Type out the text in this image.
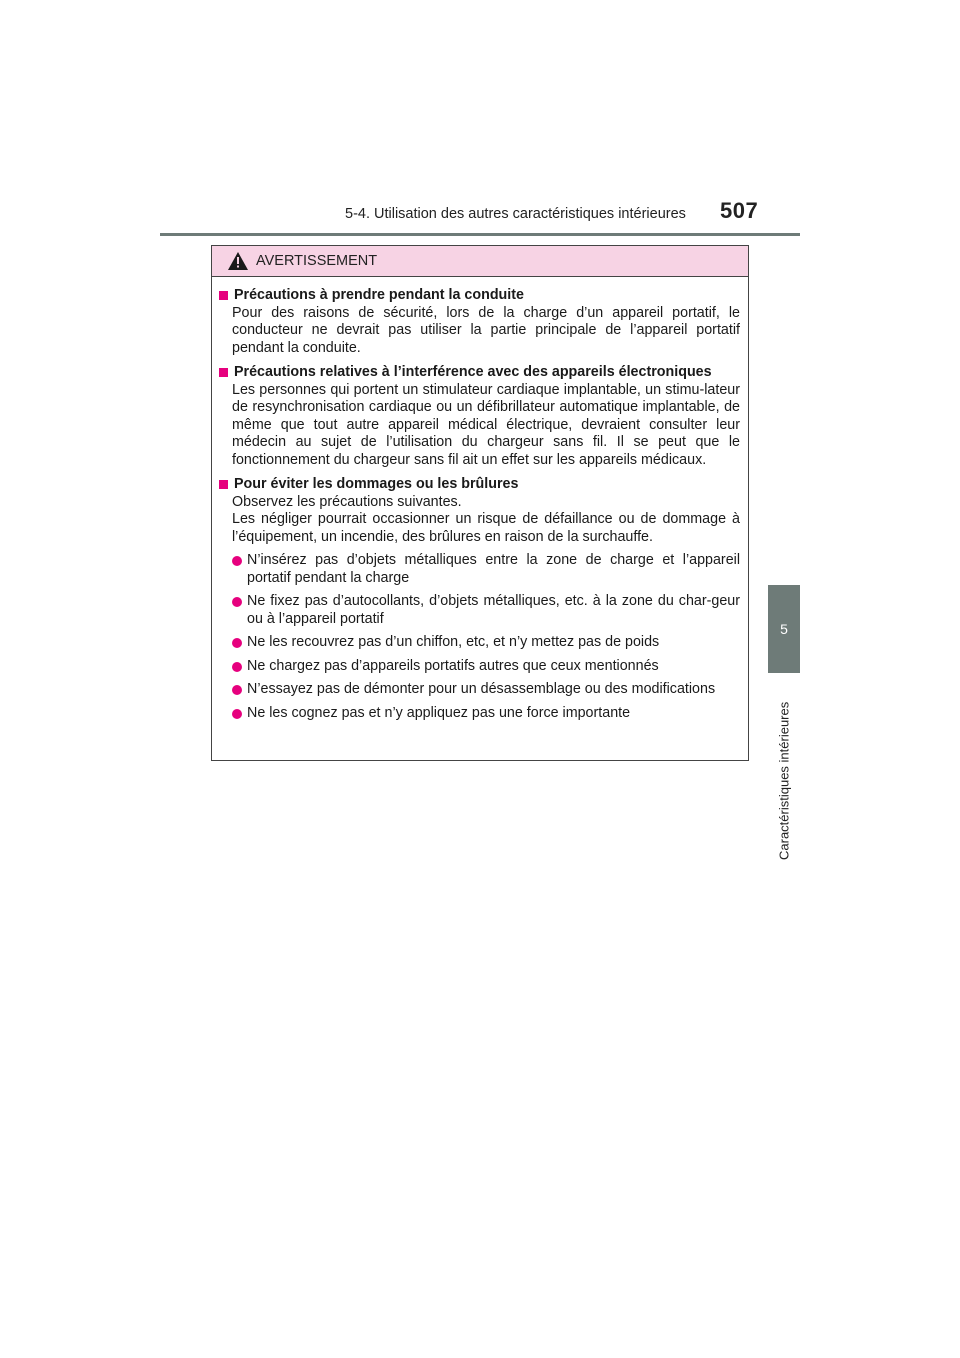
5-4. Utilisation des autres caractéristiques intérieures 507
5
Caractéristiques intérieures
AVERTISSEMENT
Précautions à prendre pendant la conduite
Pour des raisons de sécurité, lors de la charge d’un appareil portatif, le conducteur ne devrait pas utiliser la partie principale de l’appareil portatif pendant la conduite.
Précautions relatives à l’interférence avec des appareils électroniques
Les personnes qui portent un stimulateur cardiaque implantable, un stimu-lateur de resynchronisation cardiaque ou un défibrillateur automatique implantable, de même que tout autre appareil médical électrique, devraient consulter leur médecin au sujet de l’utilisation du chargeur sans fil. Il se peut que le fonctionnement du chargeur sans fil ait un effet sur les appareils médicaux.
Pour éviter les dommages ou les brûlures
Observez les précautions suivantes.
Les négliger pourrait occasionner un risque de défaillance ou de dommage à l’équipement, un incendie, des brûlures en raison de la surchauffe.
N’insérez pas d’objets métalliques entre la zone de charge et l’appareil portatif pendant la charge
Ne fixez pas d’autocollants, d’objets métalliques, etc. à la zone du char-geur ou à l’appareil portatif
Ne les recouvrez pas d’un chiffon, etc, et n’y mettez pas de poids
Ne chargez pas d’appareils portatifs autres que ceux mentionnés
N’essayez pas de démonter pour un désassemblage ou des modifications
Ne les cognez pas et n’y appliquez pas une force importante
